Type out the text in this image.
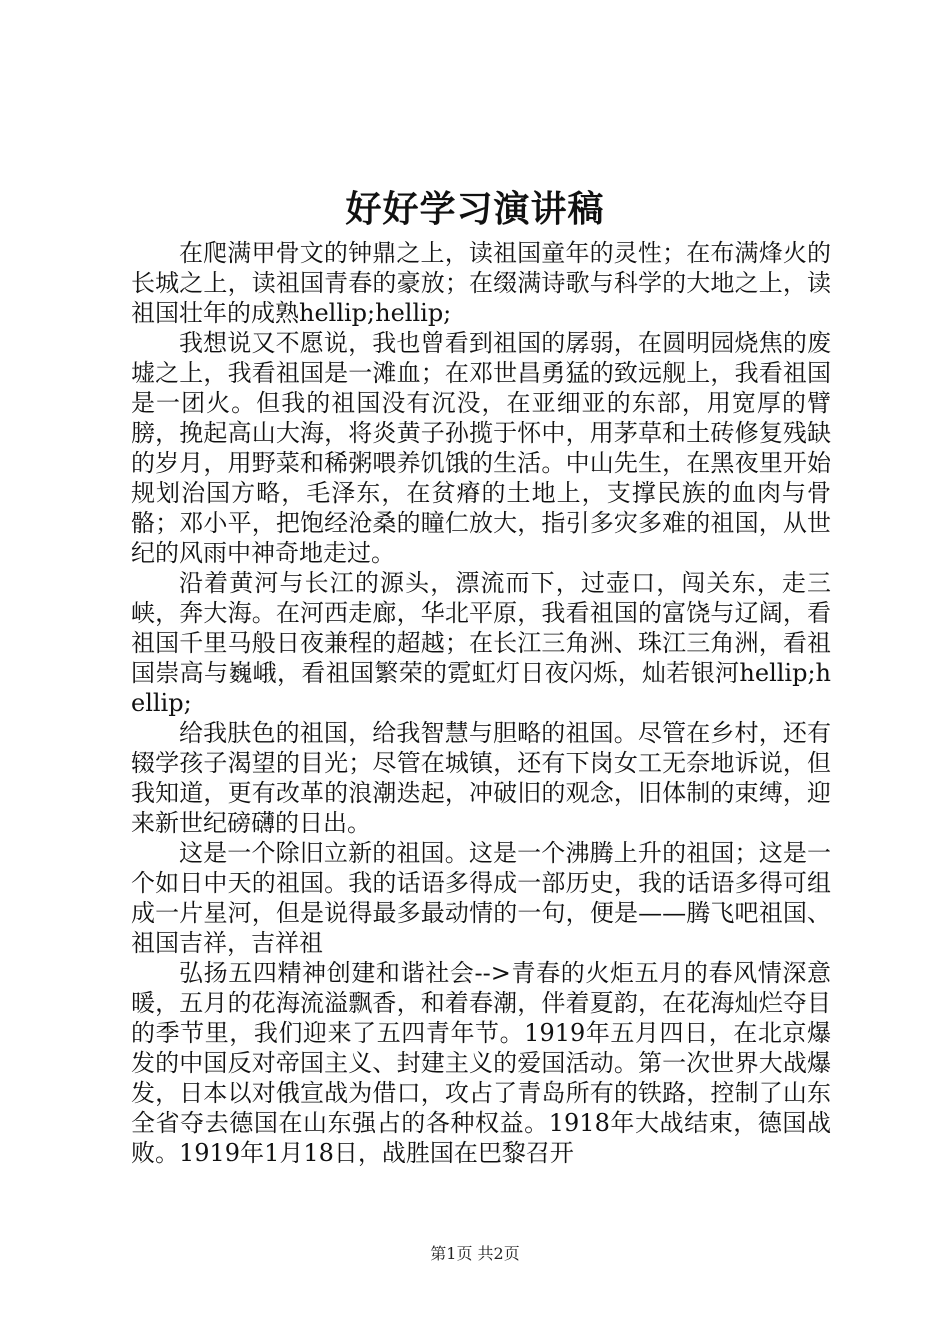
好好学习演讲稿

在爬满甲骨文的钟鼎之上，读祖国童年的灵性；在布满烽火的长城之上，读祖国青春的豪放；在缀满诗歌与科学的大地之上，读祖国壮年的成熟hellip;hellip;

我想说又不愿说，我也曾看到祖国的孱弱，在圆明园烧焦的废墟之上，我看祖国是一滩血；在邓世昌勇猛的致远舰上，我看祖国是一团火。但我的祖国没有沉没，在亚细亚的东部，用宽厚的臂膀，挽起高山大海，将炎黄子孙揽于怀中，用茅草和土砖修复残缺的岁月，用野菜和稀粥喂养饥饿的生活。中山先生，在黑夜里开始规划治国方略，毛泽东，在贫瘠的土地上，支撑民族的血肉与骨骼；邓小平，把饱经沧桑的瞳仁放大，指引多灾多难的祖国，从世纪的风雨中神奇地走过。

沿着黄河与长江的源头，漂流而下，过壶口，闯关东，走三峡，奔大海。在河西走廊，华北平原，我看祖国的富饶与辽阔，看祖国千里马般日夜兼程的超越；在长江三角洲、珠江三角洲，看祖国崇高与巍峨，看祖国繁荣的霓虹灯日夜闪烁，灿若银河hellip;hellip;

给我肤色的祖国，给我智慧与胆略的祖国。尽管在乡村，还有辍学孩子渴望的目光；尽管在城镇，还有下岗女工无奈地诉说，但我知道，更有改革的浪潮迭起，冲破旧的观念，旧体制的束缚，迎来新世纪磅礴的日出。

这是一个除旧立新的祖国。这是一个沸腾上升的祖国；这是一个如日中天的祖国。我的话语多得成一部历史，我的话语多得可组成一片星河，但是说得最多最动情的一句，便是——腾飞吧祖国、祖国吉祥，吉祥祖

弘扬五四精神创建和谐社会-->青春的火炬五月的春风情深意暖，五月的花海流溢飘香，和着春潮，伴着夏韵，在花海灿烂夺目的季节里，我们迎来了五四青年节。1919年五月四日，在北京爆发的中国反对帝国主义、封建主义的爱国活动。第一次世界大战爆发，日本以对俄宣战为借口，攻占了青岛所有的铁路，控制了山东全省夺去德国在山东强占的各种权益。1918年大战结束，德国战败。1919年1月18日，战胜国在巴黎召开

第1页 共2页
